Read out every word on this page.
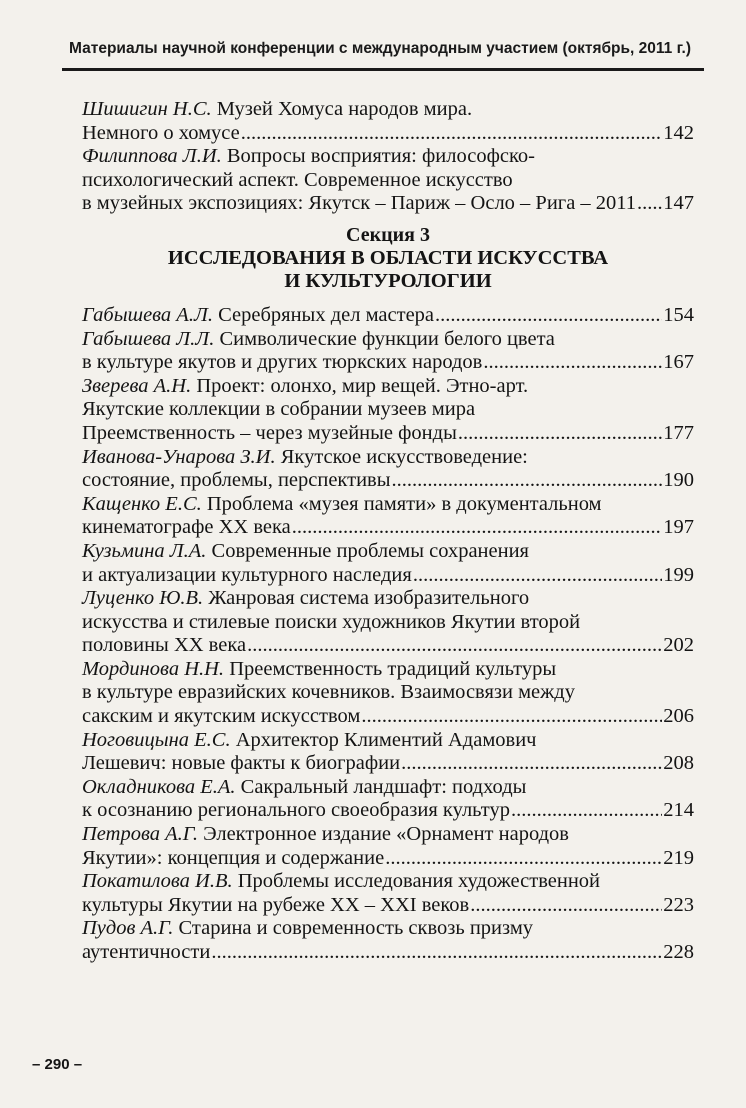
Материалы научной конференции с международным участием (октябрь, 2011 г.)
Шишигин Н.С.
Музей Хомуса народов мира.
Немного о хомусе .....	142
Филиппова Л.И.
Вопросы восприятия: философско-
психологический аспект. Современное искусство
в музейных экспозициях: Якутск – Париж – Осло – Рига – 2011 ..... 147
Секция 3
ИССЛЕДОВАНИЯ В ОБЛАСТИ ИСКУССТВА
И КУЛЬТУРОЛОГИИ
Габышева А.Л.
Серебряных дел мастера .....	154
Габышева Л.Л.
Символические функции белого цвета
в культуре якутов и других тюркских народов .....	167
Зверева А.Н.
Проект: олонхо, мир вещей. Этно-арт.
Якутские коллекции в собрании музеев мира
Преемственность – через музейные фонды .....	177
Иванова-Унарова З.И.
Якутское искусствоведение:
состояние, проблемы, перспективы .....	190
Кащенко Е.С.
Проблема «музея памяти» в документальном
кинематографе XX века .....	197
Кузьмина Л.А.
Современные проблемы сохранения
и актуализации культурного наследия .....	199
Луценко Ю.В.
Жанровая система изобразительного
искусства и стилевые поиски художников Якутии второй
половины XX века .....	202
Мординова Н.Н.
Преемственность традиций культуры
в культуре евразийских кочевников. Взаимосвязи между
сакским и якутским искусством .....	206
Ноговицына Е.С.
Архитектор Климентий Адамович
Лешевич: новые факты к биографии .....	208
Окладникова Е.А.
Сакральный ландшафт: подходы
к осознанию регионального своеобразия культур .....	214
Петрова А.Г.
Электронное издание «Орнамент народов
Якутии»: концепция и содержание .....	219
Покатилова И.В.
Проблемы исследования художественной
культуры Якутии на рубеже XX – XXI веков .....	223
Пудов А.Г.
Старина и современность сквозь призму
аутентичности .....	228
– 290 –
